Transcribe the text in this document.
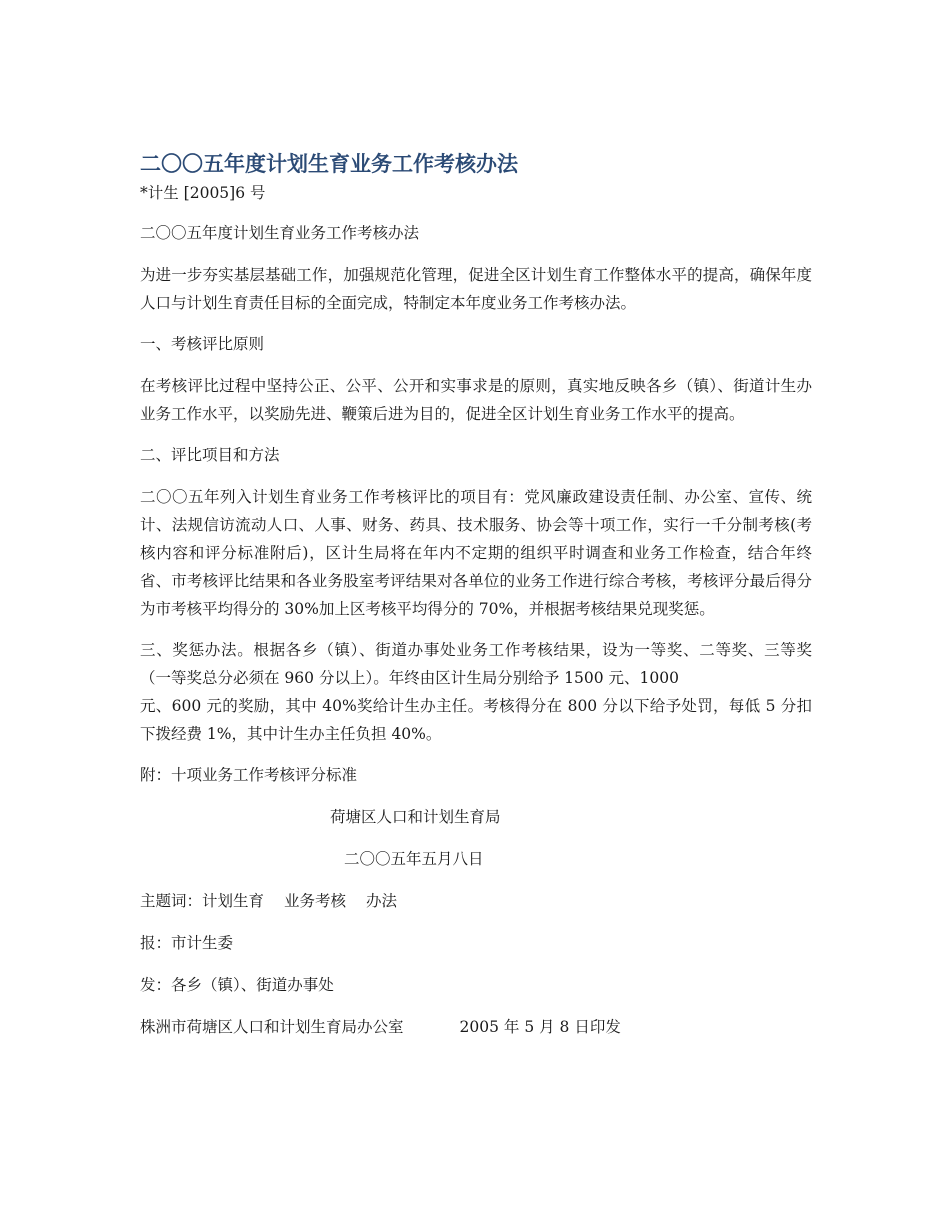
二〇〇五年度计划生育业务工作考核办法

*计生 [2005]6 号

二〇〇五年度计划生育业务工作考核办法

为进一步夯实基层基础工作，加强规范化管理，促进全区计划生育工作整体水平的提高，确保年度人口与计划生育责任目标的全面完成，特制定本年度业务工作考核办法。

一、考核评比原则

在考核评比过程中坚持公正、公平、公开和实事求是的原则，真实地反映各乡（镇）、街道计生办业务工作水平，以奖励先进、鞭策后进为目的，促进全区计划生育业务工作水平的提高。

二、评比项目和方法

二〇〇五年列入计划生育业务工作考核评比的项目有：党风廉政建设责任制、办公室、宣传、统计、法规信访流动人口、人事、财务、药具、技术服务、协会等十项工作，实行一千分制考核(考核内容和评分标准附后)，区计生局将在年内不定期的组织平时调查和业务工作检查，结合年终省、市考核评比结果和各业务股室考评结果对各单位的业务工作进行综合考核，考核评分最后得分为市考核平均得分的 30%加上区考核平均得分的 70%，并根据考核结果兑现奖惩。

三、奖惩办法。根据各乡（镇）、街道办事处业务工作考核结果，设为一等奖、二等奖、三等奖（一等奖总分必须在 960 分以上）。年终由区计生局分别给予 1500 元、1000
元、600 元的奖励，其中 40%奖给计生办主任。考核得分在 800 分以下给予处罚，每低 5 分扣下拨经费 1%，其中计生办主任负担 40%。

附：十项业务工作考核评分标准

荷塘区人口和计划生育局

二〇〇五年五月八日

主题词：计划生育 业务考核 办法

报：市计生委

发：各乡（镇）、街道办事处

株洲市荷塘区人口和计划生育局办公室	2005 年 5 月 8 日印发
